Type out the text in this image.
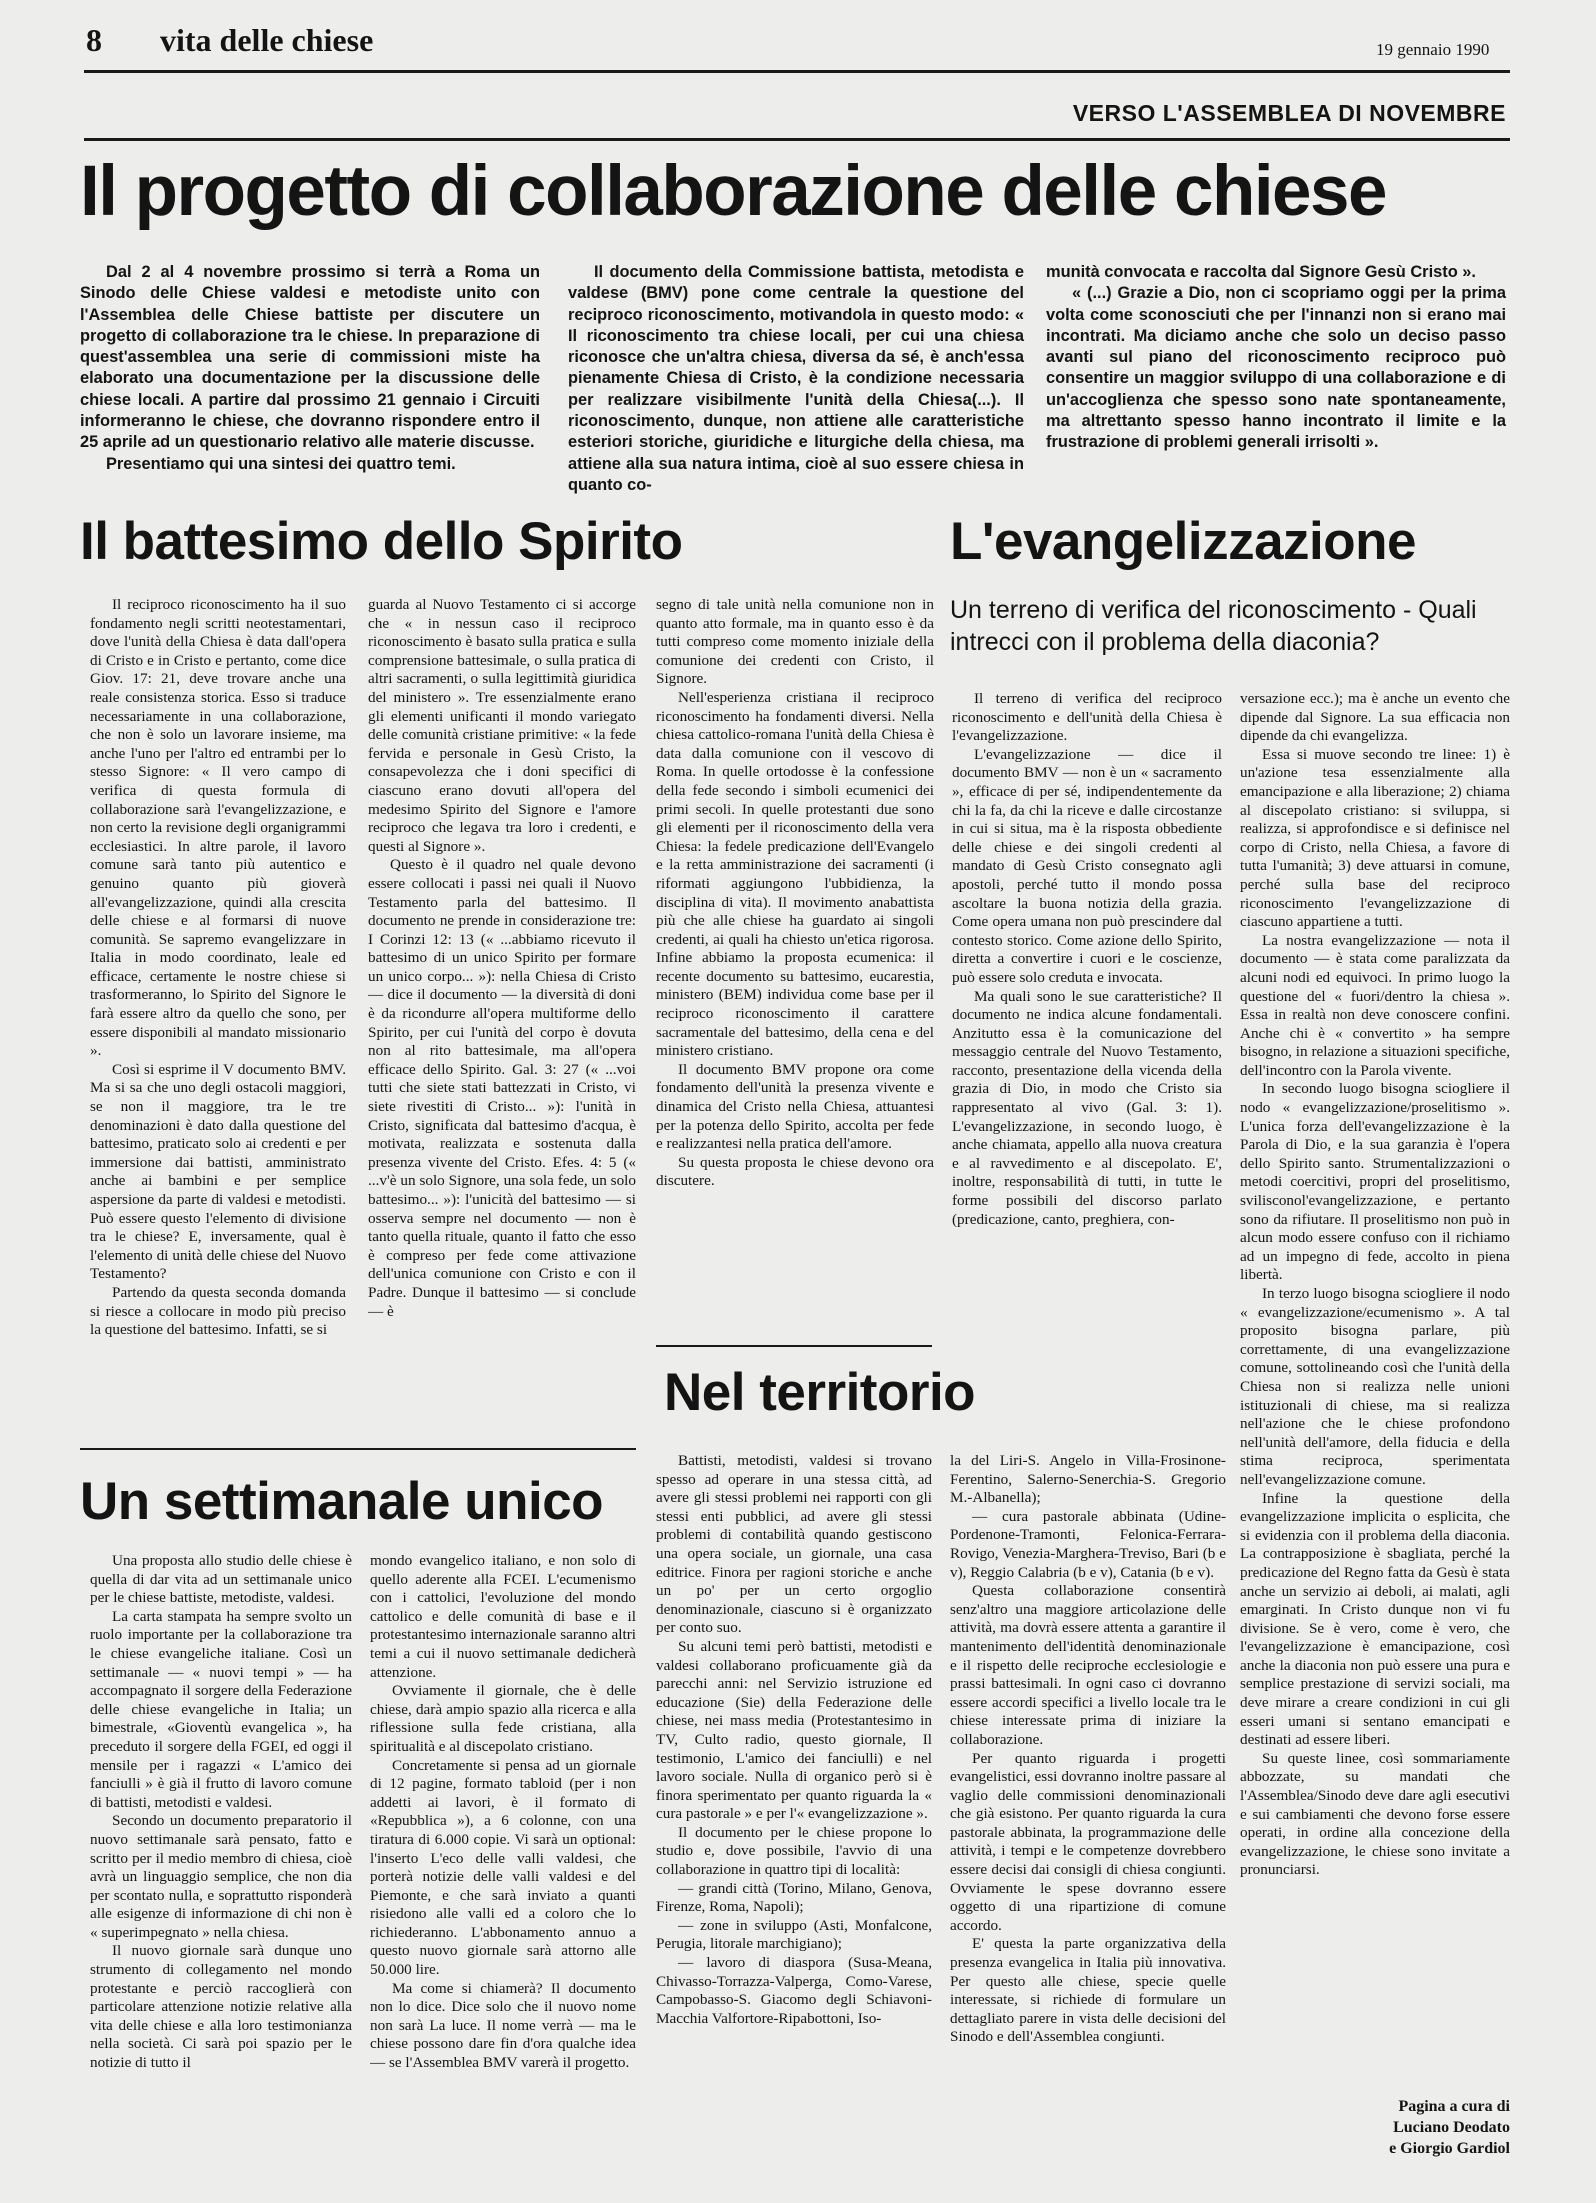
8 vita delle chiese	19 gennaio 1990
VERSO L'ASSEMBLEA DI NOVEMBRE
Il progetto di collaborazione delle chiese

Dal 2 al 4 novembre prossimo si terrà a Roma un Sinodo delle Chiese valdesi e metodiste unito con l'Assemblea delle Chiese battiste per discutere un progetto di collaborazione tra le chiese. In preparazione di quest'assemblea una serie di commissioni miste ha elaborato una documentazione per la discussione delle chiese locali. A partire dal prossimo 21 gennaio i Circuiti informeranno le chiese, che dovranno rispondere entro il 25 aprile ad un questionario relativo alle materie discusse.

Presentiamo qui una sintesi dei quattro temi.

Il documento della Commissione battista, metodista e valdese (BMV) pone come centrale la questione del reciproco riconoscimento, motivandola in questo modo: « Il riconoscimento tra chiese locali, per cui una chiesa riconosce che un'altra chiesa, diversa da sé, è anch'essa pienamente Chiesa di Cristo, è la condizione necessaria per realizzare visibilmente l'unità della Chiesa(...). Il riconoscimento, dunque, non attiene alle caratteristiche esteriori storiche, giuridiche e liturgiche della chiesa, ma attiene alla sua natura intima, cioè al suo essere chiesa in quanto co-

munità convocata e raccolta dal Signore Gesù Cristo ».

« (...) Grazie a Dio, non ci scopriamo oggi per la prima volta come sconosciuti che per l'innanzi non si erano mai incontrati. Ma diciamo anche che solo un deciso passo avanti sul piano del riconoscimento reciproco può consentire un maggior sviluppo di una collaborazione e di un'accoglienza che spesso sono nate spontaneamente, ma altrettanto spesso hanno incontrato il limite e la frustrazione di problemi generali irrisolti ».

Il battesimo dello Spirito

Il reciproco riconoscimento ha il suo fondamento negli scritti neotestamentari, dove l'unità della Chiesa è data dall'opera di Cristo e in Cristo e pertanto, come dice Giov. 17: 21, deve trovare anche una reale consistenza storica. Esso si traduce necessariamente in una collaborazione, che non è solo un lavorare insieme, ma anche l'uno per l'altro ed entrambi per lo stesso Signore: « Il vero campo di verifica di questa formula di collaborazione sarà l'evangelizzazione, e non certo la revisione degli organigrammi ecclesiastici. In altre parole, il lavoro comune sarà tanto più autentico e genuino quanto più gioverà all'evangelizzazione, quindi alla crescita delle chiese e al formarsi di nuove comunità. Se sapremo evangelizzare in Italia in modo coordinato, leale ed efficace, certamente le nostre chiese si trasformeranno, lo Spirito del Signore le farà essere altro da quello che sono, per essere disponibili al mandato missionario ».

Così si esprime il V documento BMV. Ma si sa che uno degli ostacoli maggiori, se non il maggiore, tra le tre denominazioni è dato dalla questione del battesimo, praticato solo ai credenti e per immersione dai battisti, amministrato anche ai bambini e per semplice aspersione da parte di valdesi e metodisti. Può essere questo l'elemento di divisione tra le chiese? E, inversamente, qual è l'elemento di unità delle chiese del Nuovo Testamento?

Partendo da questa seconda domanda si riesce a collocare in modo più preciso la questione del battesimo. Infatti, se si

guarda al Nuovo Testamento ci si accorge che « in nessun caso il reciproco riconoscimento è basato sulla pratica e sulla comprensione battesimale, o sulla pratica di altri sacramenti, o sulla legittimità giuridica del ministero ». Tre essenzialmente erano gli elementi unificanti il mondo variegato delle comunità cristiane primitive: « la fede fervida e personale in Gesù Cristo, la consapevolezza che i doni specifici di ciascuno erano dovuti all'opera del medesimo Spirito del Signore e l'amore reciproco che legava tra loro i credenti, e questi al Signore ».

Questo è il quadro nel quale devono essere collocati i passi nei quali il Nuovo Testamento parla del battesimo. Il documento ne prende in considerazione tre: I Corinzi 12: 13 (« ...abbiamo ricevuto il battesimo di un unico Spirito per formare un unico corpo... »): nella Chiesa di Cristo — dice il documento — la diversità di doni è da ricondurre all'opera multiforme dello Spirito, per cui l'unità del corpo è dovuta non al rito battesimale, ma all'opera efficace dello Spirito. Gal. 3: 27 (« ...voi tutti che siete stati battezzati in Cristo, vi siete rivestiti di Cristo... »): l'unità in Cristo, significata dal battesimo d'acqua, è motivata, realizzata e sostenuta dalla presenza vivente del Cristo. Efes. 4: 5 (« ...v'è un solo Signore, una sola fede, un solo battesimo... »): l'unicità del battesimo — si osserva sempre nel documento — non è tanto quella rituale, quanto il fatto che esso è compreso per fede come attivazione dell'unica comunione con Cristo e con il Padre. Dunque il battesimo — si conclude — è

segno di tale unità nella comunione non in quanto atto formale, ma in quanto esso è da tutti compreso come momento iniziale della comunione dei credenti con Cristo, il Signore.

Nell'esperienza cristiana il reciproco riconoscimento ha fondamenti diversi. Nella chiesa cattolico-romana l'unità della Chiesa è data dalla comunione con il vescovo di Roma. In quelle ortodosse è la confessione della fede secondo i simboli ecumenici dei primi secoli. In quelle protestanti due sono gli elementi per il riconoscimento della vera Chiesa: la fedele predicazione dell'Evangelo e la retta amministrazione dei sacramenti (i riformati aggiungono l'ubbidienza, la disciplina di vita). Il movimento anabattista più che alle chiese ha guardato ai singoli credenti, ai quali ha chiesto un'etica rigorosa. Infine abbiamo la proposta ecumenica: il recente documento su battesimo, eucarestia, ministero (BEM) individua come base per il reciproco riconoscimento il carattere sacramentale del battesimo, della cena e del ministero cristiano.

Il documento BMV propone ora come fondamento dell'unità la presenza vivente e dinamica del Cristo nella Chiesa, attuantesi per la potenza dello Spirito, accolta per fede e realizzantesi nella pratica dell'amore.

Su questa proposta le chiese devono ora discutere.

Nel territorio

Battisti, metodisti, valdesi si trovano spesso ad operare in una stessa città, ad avere gli stessi problemi nei rapporti con gli stessi enti pubblici, ad avere gli stessi problemi di contabilità quando gestiscono una opera sociale, un giornale, una casa editrice. Finora per ragioni storiche e anche un po' per un certo orgoglio denominazionale, ciascuno si è organizzato per conto suo.

Su alcuni temi però battisti, metodisti e valdesi collaborano proficuamente già da parecchi anni: nel Servizio istruzione ed educazione (Sie) della Federazione delle chiese, nei mass media (Protestantesimo in TV, Culto radio, questo giornale, Il testimonio, L'amico dei fanciulli) e nel lavoro sociale. Nulla di organico però si è finora sperimentato per quanto riguarda la « cura pastorale » e per l'« evangelizzazione ».

Il documento per le chiese propone lo studio e, dove possibile, l'avvio di una collaborazione in quattro tipi di località:

— grandi città (Torino, Milano, Genova, Firenze, Roma, Napoli);

— zone in sviluppo (Asti, Monfalcone, Perugia, litorale marchigiano);

— lavoro di diaspora (Susa-Meana, Chivasso-Torrazza-Valperga, Como-Varese, Campobasso-S. Giacomo degli Schiavoni-Macchia Valfortore-Ripabottoni, Iso-

la del Liri-S. Angelo in Villa-Frosinone-Ferentino, Salerno-Senerchia-S. Gregorio M.-Albanella);

— cura pastorale abbinata (Udine-Pordenone-Tramonti, Felonica-Ferrara-Rovigo, Venezia-Marghera-Treviso, Bari (b e v), Reggio Calabria (b e v), Catania (b e v).

Questa collaborazione consentirà senz'altro una maggiore articolazione delle attività, ma dovrà essere attenta a garantire il mantenimento dell'identità denominazionale e il rispetto delle reciproche ecclesiologie e prassi battesimali. In ogni caso ci dovranno essere accordi specifici a livello locale tra le chiese interessate prima di iniziare la collaborazione.

Per quanto riguarda i progetti evangelistici, essi dovranno inoltre passare al vaglio delle commissioni denominazionali che già esistono. Per quanto riguarda la cura pastorale abbinata, la programmazione delle attività, i tempi e le competenze dovrebbero essere decisi dai consigli di chiesa congiunti. Ovviamente le spese dovranno essere oggetto di una ripartizione di comune accordo.

E' questa la parte organizzativa della presenza evangelica in Italia più innovativa. Per questo alle chiese, specie quelle interessate, si richiede di formulare un dettagliato parere in vista delle decisioni del Sinodo e dell'Assemblea congiunti.

Un settimanale unico

Una proposta allo studio delle chiese è quella di dar vita ad un settimanale unico per le chiese battiste, metodiste, valdesi.

La carta stampata ha sempre svolto un ruolo importante per la collaborazione tra le chiese evangeliche italiane. Così un settimanale — « nuovi tempi » — ha accompagnato il sorgere della Federazione delle chiese evangeliche in Italia; un bimestrale, «Gioventù evangelica », ha preceduto il sorgere della FGEI, ed oggi il mensile per i ragazzi « L'amico dei fanciulli » è già il frutto di lavoro comune di battisti, metodisti e valdesi.

Secondo un documento preparatorio il nuovo settimanale sarà pensato, fatto e scritto per il medio membro di chiesa, cioè avrà un linguaggio semplice, che non dia per scontato nulla, e soprattutto risponderà alle esigenze di informazione di chi non è « superimpegnato » nella chiesa.

Il nuovo giornale sarà dunque uno strumento di collegamento nel mondo protestante e perciò raccoglierà con particolare attenzione notizie relative alla vita delle chiese e alla loro testimonianza nella società. Ci sarà poi spazio per le notizie di tutto il

mondo evangelico italiano, e non solo di quello aderente alla FCEI. L'ecumenismo con i cattolici, l'evoluzione del mondo cattolico e delle comunità di base e il protestantesimo internazionale saranno altri temi a cui il nuovo settimanale dedicherà attenzione.

Ovviamente il giornale, che è delle chiese, darà ampio spazio alla ricerca e alla riflessione sulla fede cristiana, alla spiritualità e al discepolato cristiano.

Concretamente si pensa ad un giornale di 12 pagine, formato tabloid (per i non addetti ai lavori, è il formato di «Repubblica »), a 6 colonne, con una tiratura di 6.000 copie. Vi sarà un optional: l'inserto L'eco delle valli valdesi, che porterà notizie delle valli valdesi e del Piemonte, e che sarà inviato a quanti risiedono alle valli ed a coloro che lo richiederanno. L'abbonamento annuo a questo nuovo giornale sarà attorno alle 50.000 lire.

Ma come si chiamerà? Il documento non lo dice. Dice solo che il nuovo nome non sarà La luce. Il nome verrà — ma le chiese possono dare fin d'ora qualche idea — se l'Assemblea BMV varerà il progetto.

L'evangelizzazione
Un terreno di verifica del riconoscimento - Quali intrecci con il problema della diaconia?

Il terreno di verifica del reciproco riconoscimento e dell'unità della Chiesa è l'evangelizzazione.

L'evangelizzazione — dice il documento BMV — non è un « sacramento », efficace di per sé, indipendentemente da chi la fa, da chi la riceve e dalle circostanze in cui si situa, ma è la risposta obbediente delle chiese e dei singoli credenti al mandato di Gesù Cristo consegnato agli apostoli, perché tutto il mondo possa ascoltare la buona notizia della grazia. Come opera umana non può prescindere dal contesto storico. Come azione dello Spirito, diretta a convertire i cuori e le coscienze, può essere solo creduta e invocata.

Ma quali sono le sue caratteristiche? Il documento ne indica alcune fondamentali. Anzitutto essa è la comunicazione del messaggio centrale del Nuovo Testamento, racconto, presentazione della vicenda della grazia di Dio, in modo che Cristo sia rappresentato al vivo (Gal. 3: 1). L'evangelizzazione, in secondo luogo, è anche chiamata, appello alla nuova creatura e al ravvedimento e al discepolato. E', inoltre, responsabilità di tutti, in tutte le forme possibili del discorso parlato (predicazione, canto, preghiera, con-

versazione ecc.); ma è anche un evento che dipende dal Signore. La sua efficacia non dipende da chi evangelizza.

Essa si muove secondo tre linee: 1) è un'azione tesa essenzialmente alla emancipazione e alla liberazione; 2) chiama al discepolato cristiano: si sviluppa, si realizza, si approfondisce e si definisce nel corpo di Cristo, nella Chiesa, a favore di tutta l'umanità; 3) deve attuarsi in comune, perché sulla base del reciproco riconoscimento l'evangelizzazione di ciascuno appartiene a tutti.

La nostra evangelizzazione — nota il documento — è stata come paralizzata da alcuni nodi ed equivoci. In primo luogo la questione del « fuori/dentro la chiesa ». Essa in realtà non deve conoscere confini. Anche chi è « convertito » ha sempre bisogno, in relazione a situazioni specifiche, dell'incontro con la Parola vivente.

In secondo luogo bisogna sciogliere il nodo « evangelizzazione/proselitismo ». L'unica forza dell'evangelizzazione è la Parola di Dio, e la sua garanzia è l'opera dello Spirito santo. Strumentalizzazioni o metodi coercitivi, propri del proselitismo, svilisconol'evangelizzazione, e pertanto sono da rifiutare. Il proselitismo non può in alcun modo essere confuso con il richiamo ad un impegno di fede, accolto in piena libertà.

In terzo luogo bisogna sciogliere il nodo « evangelizzazione/ecumenismo ». A tal proposito bisogna parlare, più correttamente, di una evangelizzazione comune, sottolineando così che l'unità della Chiesa non si realizza nelle unioni istituzionali di chiese, ma si realizza nell'azione che le chiese profondono nell'unità dell'amore, della fiducia e della stima reciproca, sperimentata nell'evangelizzazione comune.

Infine la questione della evangelizzazione implicita o esplicita, che si evidenzia con il problema della diaconia. La contrapposizione è sbagliata, perché la predicazione del Regno fatta da Gesù è stata anche un servizio ai deboli, ai malati, agli emarginati. In Cristo dunque non vi fu divisione. Se è vero, come è vero, che l'evangelizzazione è emancipazione, così anche la diaconia non può essere una pura e semplice prestazione di servizi sociali, ma deve mirare a creare condizioni in cui gli esseri umani si sentano emancipati e destinati ad essere liberi.

Su queste linee, così sommariamente abbozzate, su mandati che l'Assemblea/Sinodo deve dare agli esecutivi e sui cambiamenti che devono forse essere operati, in ordine alla concezione della evangelizzazione, le chiese sono invitate a pronunciarsi.

Pagina a cura di
Luciano Deodato
e Giorgio Gardiol
